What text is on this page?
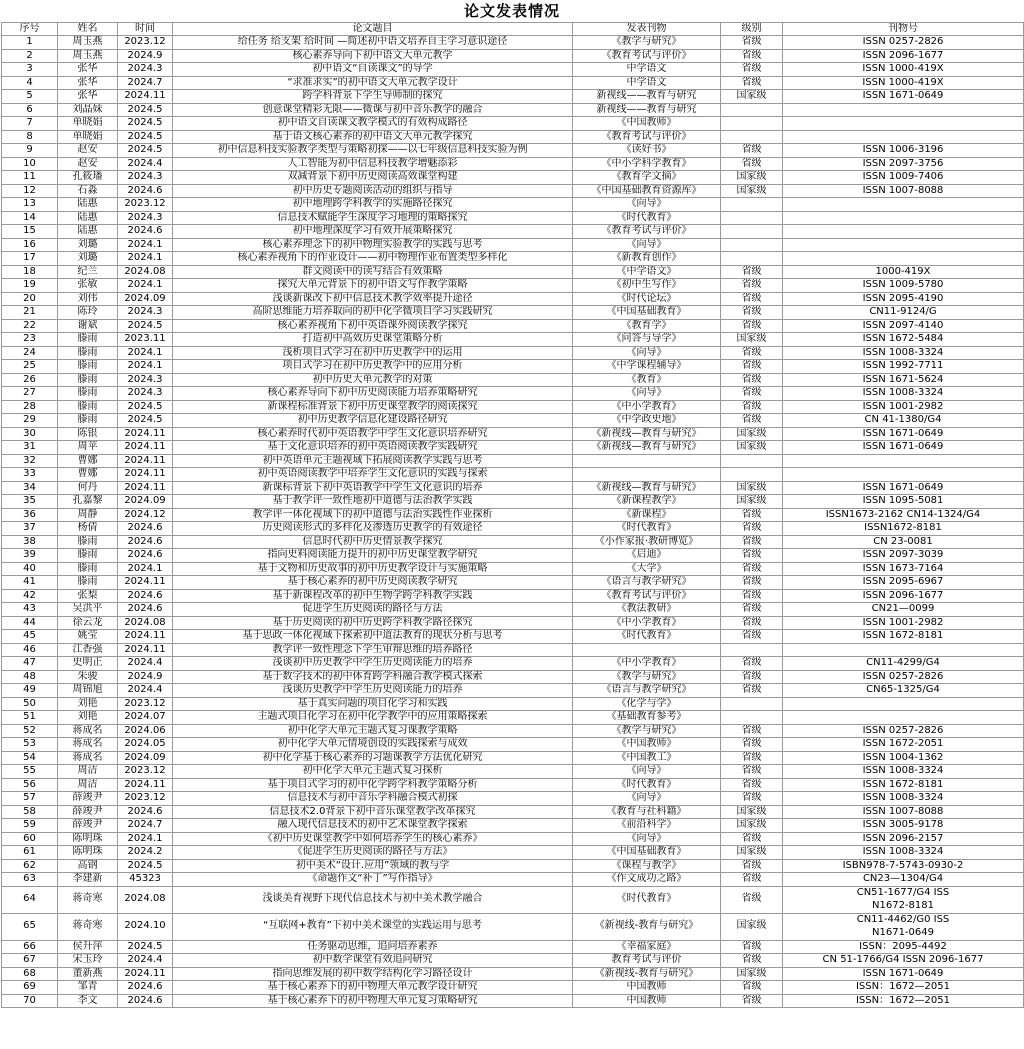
论文发表情况
序号	姓名	时间	论文题目	发表刊物	级别	刊物号
1	周玉燕	2023.12	给任务 给支架 给时间 —简述初中语文培养自主学习意识途径	《教学与研究》	省级	ISSN 0257-2826
2	周玉燕	2024.9	核心素养导向下初中语文大单元教学	《教育考试与评价》	省级	ISSN 2096-1677
3	张华	2024.3	初中语文“自读课文”的导学	中学语文	省级	ISSN 1000-419X
4	张华	2024.7	“求准求实”的初中语文大单元教学设计	中学语文	省级	ISSN 1000-419X
5	张华	2024.11	跨学科背景下学生导师制的探究	新视线——教育与研究	国家级	ISSN 1671-0649
6	刘晶妹	2024.5	创意课堂精彩无限——微课与初中音乐教学的融合	新视线——教育与研究		
7	单晓娟	2024.5	初中语文自读课文教学模式的有效构成路径	《中国教师》		
8	单晓娟	2024.5	基于语文核心素养的初中语文大单元教学探究	《教育考试与评价》		
9	赵安	2024.5	初中信息科技实验教学类型与策略初探——以七年级信息科技实验为例	《读好书》	省级	ISSN 1006-3196
10	赵安	2024.4	人工智能为初中信息科技教学增魅添彩	《中小学科学教育》	省级	ISSN 2097-3756
11	孔筱璠	2024.3	双减背景下初中历史阅读高效课堂构建	《教育学文摘》	国家级	ISSN 1009-7406
12	石淼	2024.6	初中历史专题阅读活动的组织与指导	《中国基础教育资源库》	国家级	ISSN 1007-8088
13	陆惠	2023.12	初中地理跨学科教学的实施路径探究	《向导》		
14	陆惠	2024.3	信息技术赋能学生深度学习地理的策略探究	《时代教育》		
15	陆惠	2024.6	初中地理深度学习有效开展策略探究	《教育考试与评价》		
16	刘璐	2024.1	核心素养理念下的初中物理实验教学的实践与思考	《向导》		
17	刘璐	2024.1	核心素养视角下的作业设计——初中物理作业布置类型多样化	《新教育创作》		
18	纪兰	2024.08	群文阅读中的读写结合有效策略	《中学语文》	省级	1000-419X
19	张敏	2024.1	探究大单元背景下的初中语文写作教学策略	《初中生写作》	省级	ISSN 1009-5780
20	刘伟	2024.09	浅谈新课改下初中信息技术教学效率提升途径	《时代论坛》	省级	ISSN 2095-4190
21	陈玲	2024.3	高阶思维能力培养取向的初中化学微项目学习实践研究	《中国基础教育》	省级	CN11-9124/G
22	谢斌	2024.5	核心素养视角下初中英语课外阅读教学探究	《教育学》	省级	ISSN 2097-4140
23	滕雨	2023.11	打造初中高效历史课堂策略分析	《问答与导学》	国家级	ISSN 1672-5484
24	滕雨	2024.1	浅析项目式学习在初中历史教学中的运用	《向导》	省级	ISSN 1008-3324
25	滕雨	2024.1	项目式学习在初中历史教学中的应用分析	《中学课程辅导》	省级	ISSN 1992-7711
26	滕雨	2024.3	初中历史大单元教学的对策	《教育》	省级	ISSN 1671-5624
27	滕雨	2024.3	核心素养导向下初中历史阅读能力培养策略研究	《向导》	省级	ISSN 1008-3324
28	滕雨	2024.5	新课程标准背景下初中历史课堂教学的阅读探究	《中小学教育》	省级	ISSN 1001-2982
29	滕雨	2024.5	初中历史教学信息化建设路径研究	《中学政史地》	省级	CN 41-1380/G4
30	陈银	2024.11	核心素养时代初中英语教学中学生文化意识培养研究	《新视线—教育与研究》	国家级	ISSN 1671-0649
31	周苹	2024.11	基于文化意识培养的初中英语阅读教学实践研究	《新视线—教育与研究》	国家级	ISSN 1671-0649
32	曹娜	2024.11	初中英语单元主题视域下拓展阅读教学实践与思考			
33	曹娜	2024.11	初中英语阅读教学中培养学生文化意识的实践与探索			
34	何丹	2024.11	新课标背景下初中英语教学中学生文化意识的培养	《新视线—教育与研究》	国家级	ISSN 1671-0649
35	孔嘉黎	2024.09	基于教学评一致性地初中道德与法治教学实践	《新课程教学》	国家级	ISSN 1095-5081
36	周静	2024.12	教学评一体化视域下的初中道德与法治实践性作业探析	《新课程》	省级	ISSN1673-2162 CN14-1324/G4
37	杨倩	2024.6	历史阅读形式的多样化及渗透历史教学的有效途径	《时代教育》	省级	ISSN1672-8181
38	滕雨	2024.6	信息时代初中历史情景教学探究	《小作家报·教研博览》	省级	CN 23-0081
39	滕雨	2024.6	指向史料阅读能力提升的初中历史课堂教学研究	《启迪》	省级	ISSN 2097-3039
40	滕雨	2024.1	基于文物和历史故事的初中历史教学设计与实施策略	《大学》	省级	ISSN 1673-7164
41	滕雨	2024.11	基于核心素养的初中历史阅读教学研究	《语言与教学研究》	省级	ISSN 2095-6967
42	张梨	2024.6	基于新课程改革的初中生物学跨学科教学实践	《教育考试与评价》	省级	ISSN 2096-1677
43	吴洪平	2024.6	促进学生历史阅读的路径与方法	《教法教研》	省级	CN21—0099
44	徐云龙	2024.08	基于历史阅读的初中历史跨学科教学路径探究	《中小学教育》	省级	ISSN 1001-2982
45	姚莹	2024.11	基于思政一体化视域下探索初中道法教育的现状分析与思考	《时代教育》	省级	ISSN 1672-8181
46	江香强	2024.11	教学评一致性理念下学生审辩思维的培养路径			
47	史明正	2024.4	浅谈初中历史教学中学生历史阅读能力的培养	《中小学教育》	省级	CN11-4299/G4
48	朱骏	2024.9	基于数字技术的初中体育跨学科融合教学模式探索	《教学与研究》	省级	ISSN 0257-2826
49	周锦旭	2024.4	浅谈历史教学中学生历史阅读能力的培养	《语言与教学研究》	省级	CN65-1325/G4
50	刘艳	2023.12	基于真实问题的项目化学习和实践	《化学与学》		
51	刘艳	2024.07	主题式项目化学习在初中化学教学中的应用策略探索	《基础教育参考》		
52	蒋成名	2024.06	初中化学大单元主题式复习课教学策略	《教学与研究》	省级	ISSN 0257-2826
53	蒋成名	2024.05	初中化学大单元情境创设的实践探索与成效	《中国教师》	省级	ISSN 1672-2051
54	蒋成名	2024.09	初中化学基于核心素养的习题课教学方法优化研究	《中国教工》	省级	ISSN 1004-1362
55	周洁	2023.12	初中化学大单元主题式复习探析	《向导》	省级	ISSN 1008-3324
56	周洁	2024.11	基于项目式学习的初中化学跨学科教学策略分析	《时代教育》	省级	ISSN 1672-8181
57	薛竣尹	2023.12	信息技术与初中音乐学科融合模式初探	《向导》	省级	ISSN 1008-3324
58	薛竣尹	2024.6	信息技术2.0背景下初中音乐课堂教学改革探究	《教育与社科籍》	国家级	ISSN 1007-8088
59	薛竣尹	2024.7	融入现代信息技术的初中艺术课堂教学探索	《前沿科学》	国家级	ISSN 3005-9178
60	陈明珠	2024.1	《初中历史课堂教学中如何培养学生的核心素养》	《向导》	省级	ISSN 2096-2157
61	陈明珠	2024.2	《促进学生历史阅读的路径与方法》	《中国基础教育》	国家级	ISSN 1008-3324
62	高钢	2024.5	初中美术“设计.应用”领域的教与学	《课程与教学》	省级	ISBN978-7-5743-0930-2
63	李建新	45323	《命题作文“补丁”写作指导》	《作文成功之路》	省级	CN23—1304/G4
64	蒋奇寒	2024.08	浅谈美育视野下现代信息技术与初中美术教学融合	《时代教育》	省级	CN51-1677/G4 ISSN1672-8181
65	蒋奇寒	2024.10	“互联网+教育”下初中美术课堂的实践运用与思考	《新视线-教育与研究》	国家级	CN11-4462/G0 ISSN1671-0649
66	侯升萍	2024.5	任务驱动思维，追问培养素养	《幸福家庭》	省级	ISSN：2095-4492
67	宋玉玲	2024.4	初中数学课堂有效追问研究	教育考试与评价	省级	CN 51-1766/G4 ISSN 2096-1677
68	董新燕	2024.11	指向思维发展的初中数学结构化学习路径设计	《新视线-教育与研究》	国家级	ISSN 1671-0649
69	邹青	2024.6	基于核心素养下的初中物理大单元教学设计研究	中国教师	省级	ISSN：1672—2051
70	李文	2024.6	基于核心素养下的初中物理大单元复习策略研究	中国教师	省级	ISSN：1672—2051
